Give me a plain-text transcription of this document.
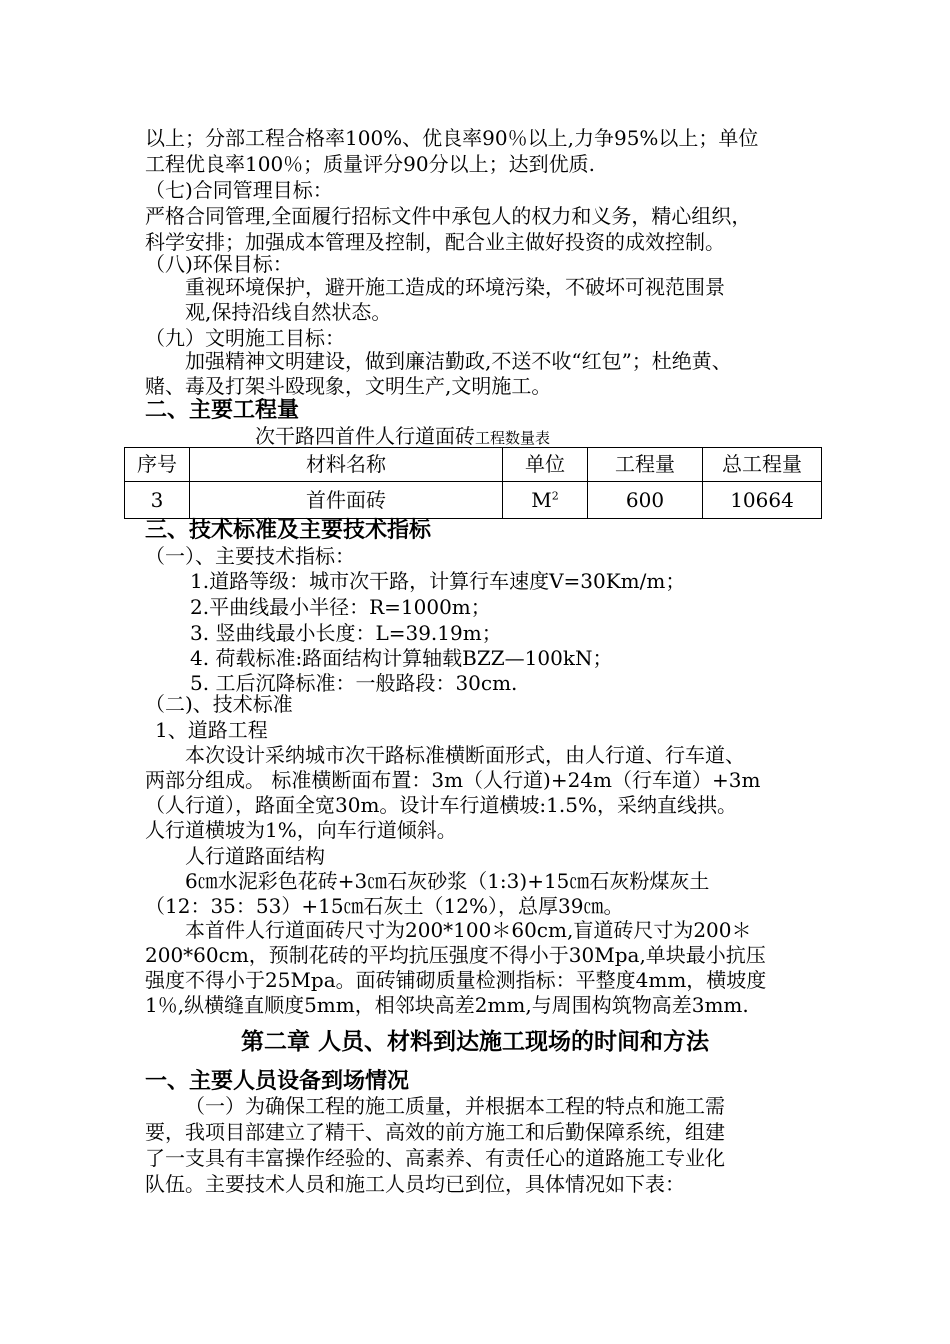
以上；分部工程合格率100%、优良率90％以上,力争95%以上；单位
工程优良率100％；质量评分90分以上；达到优质.
（七)合同管理目标：
严格合同管理,全面履行招标文件中承包人的权力和义务，精心组织，
科学安排；加强成本管理及控制，配合业主做好投资的成效控制。
（八)环保目标：
重视环境保护，避开施工造成的环境污染，不破坏可视范围景
观,保持沿线自然状态。
（九）文明施工目标：
加强精神文明建设，做到廉洁勤政,不送不收“红包”；杜绝黄、
赌、毒及打架斗殴现象，文明生产,文明施工。
二、主要工程量
次干路四首件人行道面砖工程数量表
序号	材料名称	单位	工程量	总工程量
3	首件面砖	$M^2$	600	10664
三、技术标准及主要技术指标
（一）、主要技术指标：
1.道路等级：城市次干路，计算行车速度V=30Km/m；
2.平曲线最小半径：R=1000m；
3. 竖曲线最小长度：L=39.19m；
4. 荷载标准:路面结构计算轴载BZZ—100kN；
5. 工后沉降标准：一般路段：30cm.
（二)、技术标准
1、道路工程
本次设计采纳城市次干路标准横断面形式，由人行道、行车道、
两部分组成。 标准横断面布置：3m（人行道)+24m（行车道）+3m
（人行道），路面全宽30m。设计车行道横坡:1.5%，采纳直线拱。
人行道横坡为1%，向车行道倾斜。
人行道路面结构
6㎝水泥彩色花砖+3㎝石灰砂浆（1:3)+15㎝石灰粉煤灰土
（12：35：53）+15㎝石灰土（12%），总厚39㎝。
本首件人行道面砖尺寸为200*100＊60cm,盲道砖尺寸为200＊
200*60cm，预制花砖的平均抗压强度不得小于30Mpa,单块最小抗压
强度不得小于25Mpa。面砖铺砌质量检测指标：平整度4mm，横坡度
1％,纵横缝直顺度5mm，相邻块高差2mm,与周围构筑物高差3mm.
第二章 人员、材料到达施工现场的时间和方法
一、主要人员设备到场情况
（一）为确保工程的施工质量，并根据本工程的特点和施工需
要，我项目部建立了精干、高效的前方施工和后勤保障系统，组建
了一支具有丰富操作经验的、高素养、有责任心的道路施工专业化
队伍。主要技术人员和施工人员均已到位，具体情况如下表：
